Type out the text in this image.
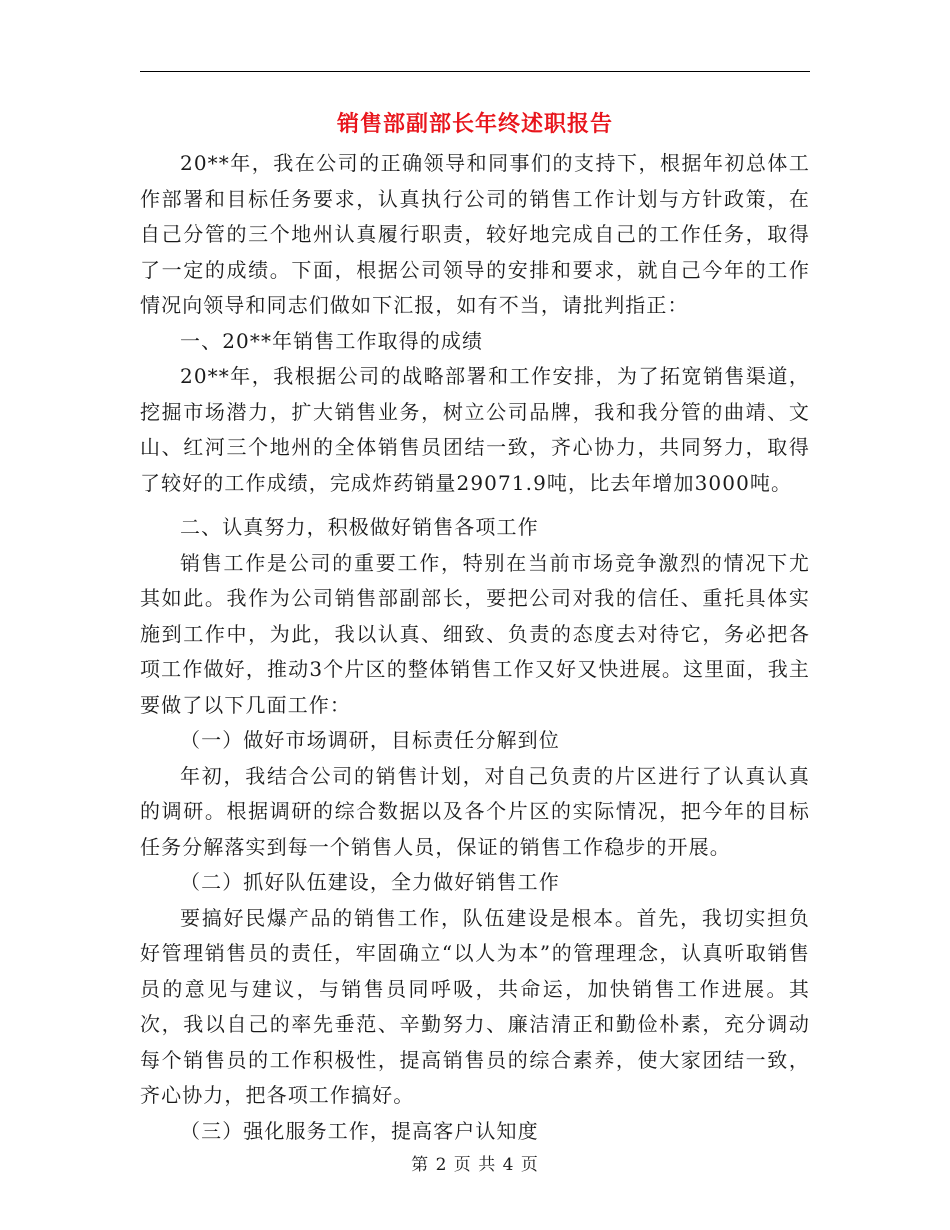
销售部副部长年终述职报告

20**年，我在公司的正确领导和同事们的支持下，根据年初总体工作部署和目标任务要求，认真执行公司的销售工作计划与方针政策，在自己分管的三个地州认真履行职责，较好地完成自己的工作任务，取得了一定的成绩。下面，根据公司领导的安排和要求，就自己今年的工作情况向领导和同志们做如下汇报，如有不当，请批判指正：

一、20**年销售工作取得的成绩

20**年，我根据公司的战略部署和工作安排，为了拓宽销售渠道，挖掘市场潜力，扩大销售业务，树立公司品牌，我和我分管的曲靖、文山、红河三个地州的全体销售员团结一致，齐心协力，共同努力，取得了较好的工作成绩，完成炸药销量29071.9吨，比去年增加3000吨。

二、认真努力，积极做好销售各项工作

销售工作是公司的重要工作，特别在当前市场竞争激烈的情况下尤其如此。我作为公司销售部副部长，要把公司对我的信任、重托具体实施到工作中，为此，我以认真、细致、负责的态度去对待它，务必把各项工作做好，推动3个片区的整体销售工作又好又快进展。这里面，我主要做了以下几面工作：

（一）做好市场调研，目标责任分解到位

年初，我结合公司的销售计划，对自己负责的片区进行了认真认真的调研。根据调研的综合数据以及各个片区的实际情况，把今年的目标任务分解落实到每一个销售人员，保证的销售工作稳步的开展。

（二）抓好队伍建设，全力做好销售工作

要搞好民爆产品的销售工作，队伍建设是根本。首先，我切实担负好管理销售员的责任，牢固确立“以人为本”的管理理念，认真听取销售员的意见与建议，与销售员同呼吸，共命运，加快销售工作进展。其次，我以自己的率先垂范、辛勤努力、廉洁清正和勤俭朴素，充分调动每个销售员的工作积极性，提高销售员的综合素养，使大家团结一致，齐心协力，把各项工作搞好。

（三）强化服务工作，提高客户认知度

第 2 页 共 4 页
